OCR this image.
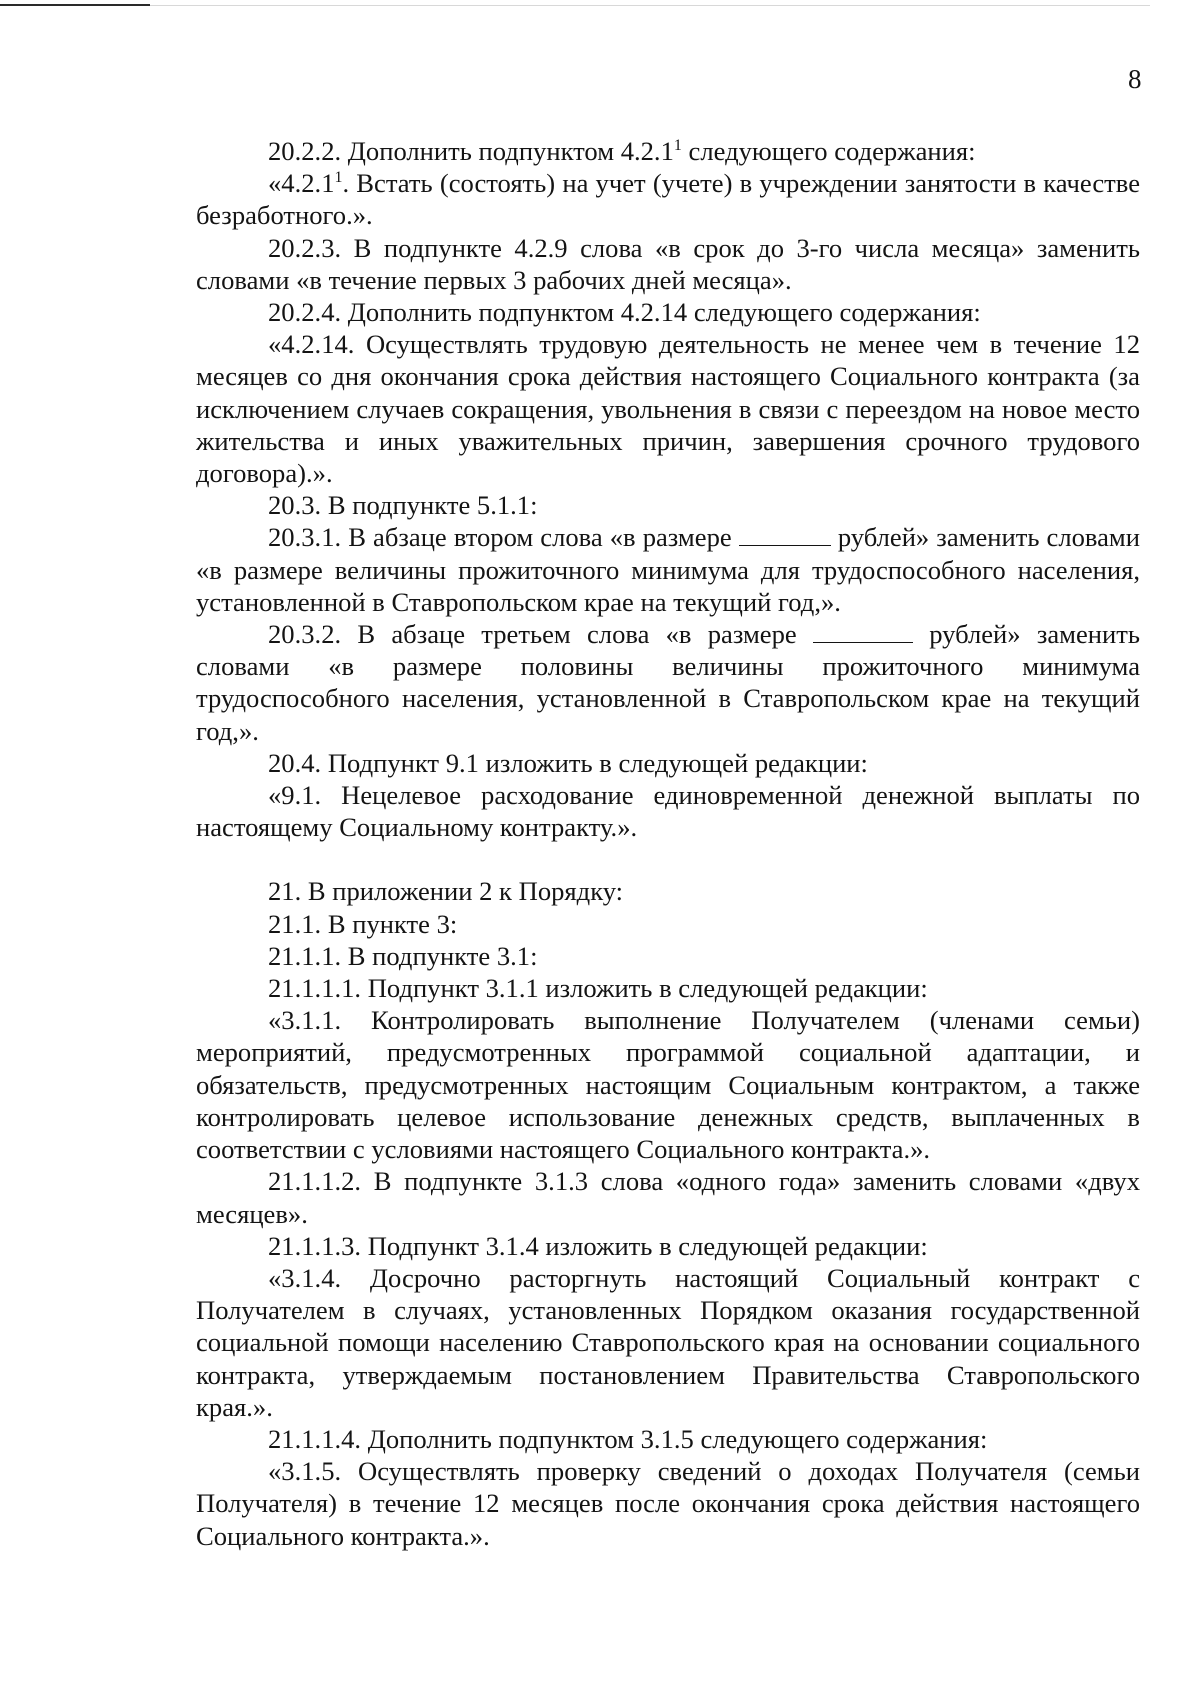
8

20.2.2. Дополнить подпунктом 4.2.1$^1$ следующего содержания:

«4.2.1$^1$. Встать (состоять) на учет (учете) в учреждении занятости в качестве безработного.».

20.2.3. В подпункте 4.2.9 слова «в срок до 3-го числа месяца» заменить словами «в течение первых 3 рабочих дней месяца».

20.2.4. Дополнить подпунктом 4.2.14 следующего содержания:

«4.2.14. Осуществлять трудовую деятельность не менее чем в течение 12 месяцев со дня окончания срока действия настоящего Социального контракта (за исключением случаев сокращения, увольнения в связи с переездом на новое место жительства и иных уважительных причин, завершения срочного трудового договора).».

20.3. В подпункте 5.1.1:

20.3.1. В абзаце втором слова «в размере	рублей» заменить словами «в размере величины прожиточного минимума для трудоспособного населения, установленной в Ставропольском крае на текущий год,».

20.3.2. В абзаце третьем слова «в размере	рублей» заменить словами «в размере половины величины прожиточного минимума трудоспособного населения, установленной в Ставропольском крае на текущий год,».

20.4. Подпункт 9.1 изложить в следующей редакции:

«9.1. Нецелевое расходование единовременной денежной выплаты по настоящему Социальному контракту.».

21. В приложении 2 к Порядку:

21.1. В пункте 3:

21.1.1. В подпункте 3.1:

21.1.1.1. Подпункт 3.1.1 изложить в следующей редакции:

«3.1.1. Контролировать выполнение Получателем (членами семьи) мероприятий, предусмотренных программой социальной адаптации, и обязательств, предусмотренных настоящим Социальным контрактом, а также контролировать целевое использование денежных средств, выплаченных в соответствии с условиями настоящего Социального контракта.».

21.1.1.2. В подпункте 3.1.3 слова «одного года» заменить словами «двух месяцев».

21.1.1.3. Подпункт 3.1.4 изложить в следующей редакции:

«3.1.4. Досрочно расторгнуть настоящий Социальный контракт с Получателем в случаях, установленных Порядком оказания государственной социальной помощи населению Ставропольского края на основании социального контракта, утверждаемым постановлением Правительства Ставропольского края.».

21.1.1.4. Дополнить подпунктом 3.1.5 следующего содержания:

«3.1.5. Осуществлять проверку сведений о доходах Получателя (семьи Получателя) в течение 12 месяцев после окончания срока действия настоящего Социального контракта.».
